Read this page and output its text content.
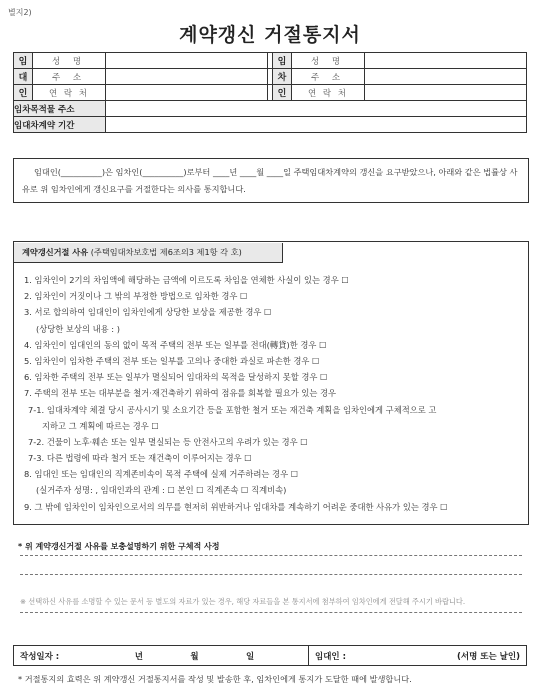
별지2)
계약갱신 거절통지서
임	성 명			임	성 명	
대	주 소			차	주 소	
인	연 락 처			인	연 락 처	
임차목적물 주소						
임대차계약 기간						
임대인(__________)은 임차인(__________)로부터 ____년 ____월 ____일 주택임대차계약의 갱신을 요구받았으나, 아래와 같은 법률상 사유로 위 임차인에게 갱신요구를 거절한다는 의사를 통지합니다.
계약갱신거절 사유 (주택임대차보호법 제6조의3 제1항 각 호)
1. 임차인이 2기의 차임액에 해당하는 금액에 이르도록 차임을 연체한 사실이 있는 경우 ☐
2. 임차인이 거짓이나 그 밖의 부정한 방법으로 임차한 경우 ☐
3. 서로 합의하여 임대인이 임차인에게 상당한 보상을 제공한 경우 ☐
(상당한 보상의 내용 : )
4. 임차인이 임대인의 동의 없이 목적 주택의 전부 또는 일부를 전대(轉貸)한 경우 ☐
5. 임차인이 임차한 주택의 전부 또는 일부를 고의나 중대한 과실로 파손한 경우 ☐
6. 임차한 주택의 전부 또는 일부가 멸실되어 임대차의 목적을 달성하지 못할 경우 ☐
7. 주택의 전부 또는 대부분을 철거·재건축하기 위하여 점유를 회복할 필요가 있는 경우
7-1. 임대차계약 체결 당시 공사시기 및 소요기간 등을 포함한 철거 또는 재건축 계획을 임차인에게 구체적으로 고
지하고 그 계획에 따르는 경우 ☐
7-2. 건물이 노후·훼손 또는 일부 멸실되는 등 안전사고의 우려가 있는 경우 ☐
7-3. 다른 법령에 따라 철거 또는 재건축이 이루어지는 경우 ☐
8. 임대인 또는 임대인의 직계존비속이 목적 주택에 실제 거주하려는 경우 ☐
(실거주자 성명: , 임대인과의 관계 : ☐ 본인 ☐ 직계존속 ☐ 직계비속)
9. 그 밖에 임차인이 임차인으로서의 의무를 현저히 위반하거나 임대차를 계속하기 어려운 중대한 사유가 있는 경우 ☐
* 위 계약갱신거절 사유를 보충설명하기 위한 구체적 사정
※ 선택하신 사유를 소명할 수 있는 문서 등 별도의 자료가 있는 경우, 해당 자료들을 본 통지서에 첨부하여 임차인에게 전달해 주시기 바랍니다.
작성일자 :	년	월	일	임대인 :	(서명 또는 날인)
* 거절통지의 효력은 위 계약갱신 거절통지서를 작성 및 발송한 후, 임차인에게 통지가 도달한 때에 발생합니다.
